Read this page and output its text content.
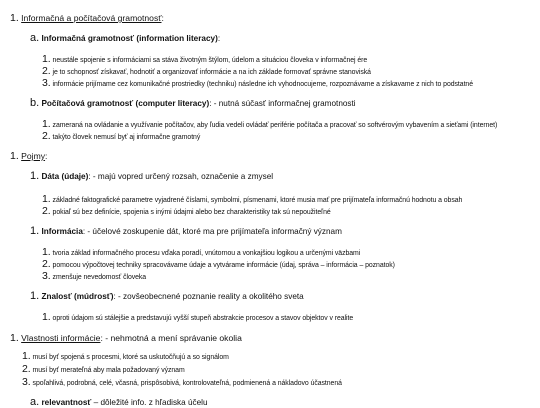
1. Informačná a počítačová gramotnosť:
a. Informačná gramotnosť (information literacy):
1. neustále spojenie s informáciami sa stáva životným štýlom, údelom a situáciou človeka v informačnej ére
2. je to schopnosť získavať, hodnotiť a organizovať informácie a na ich základe formovať správne stanoviská
3. informácie prijímame cez komunikačné prostriedky (techniku) následne ich vyhodnocujeme, rozpoznávame a získavame z nich to podstatné
b. Počítačová gramotnosť (computer literacy): - nutná súčasť informačnej gramotnosti
1. zameraná na ovládanie a využívanie počítačov, aby ľudia vedeli ovládať periférie počítača a pracovať so softvérovým vybavením a sieťami (internet)
2. takýto človek nemusí byť aj informačne gramotný
1. Pojmy:
1. Dáta (údaje): - majú vopred určený rozsah, označenie a zmysel
1. základné faktografické parametre vyjadrené číslami, symbolmi, písmenami, ktoré musia mať pre prijímateľa informačnú hodnotu a obsah
2. pokiaľ sú bez definície, spojenia s inými údajmi alebo bez charakteristiky tak sú nepoužiteľné
1. Informácia: - účelové zoskupenie dát, ktoré ma pre prijímateľa informačný význam
1. tvoria základ informačného procesu vďaka poradí, vnútornou a vonkajšiou logikou a určenými väzbami
2. pomocou výpočtovej techniky spracovávame údaje a vytvárame informácie (údaj, správa – informácia – poznatok)
3. zmenšuje nevedomosť človeka
1. Znalosť (múdrosť): - zovšeobecnené poznanie reality a okolitého sveta
1. oproti údajom sú stálejšie a predstavujú vyšší stupeň abstrakcie procesov a stavov objektov v realite
1. Vlastnosti informácie: - nehmotná a mení správanie okolia
1. musí byť spojená s procesmi, ktoré sa uskutočňujú a so signálom
2. musí byť merateľná aby mala požadovaný význam
3. spoľahlivá, podrobná, celé, včasná, prispôsobivá, kontrolovateľná, podmienená a nákladovo účastnená
a. relevantnosť – dôležité info. z hľadiska účelu
